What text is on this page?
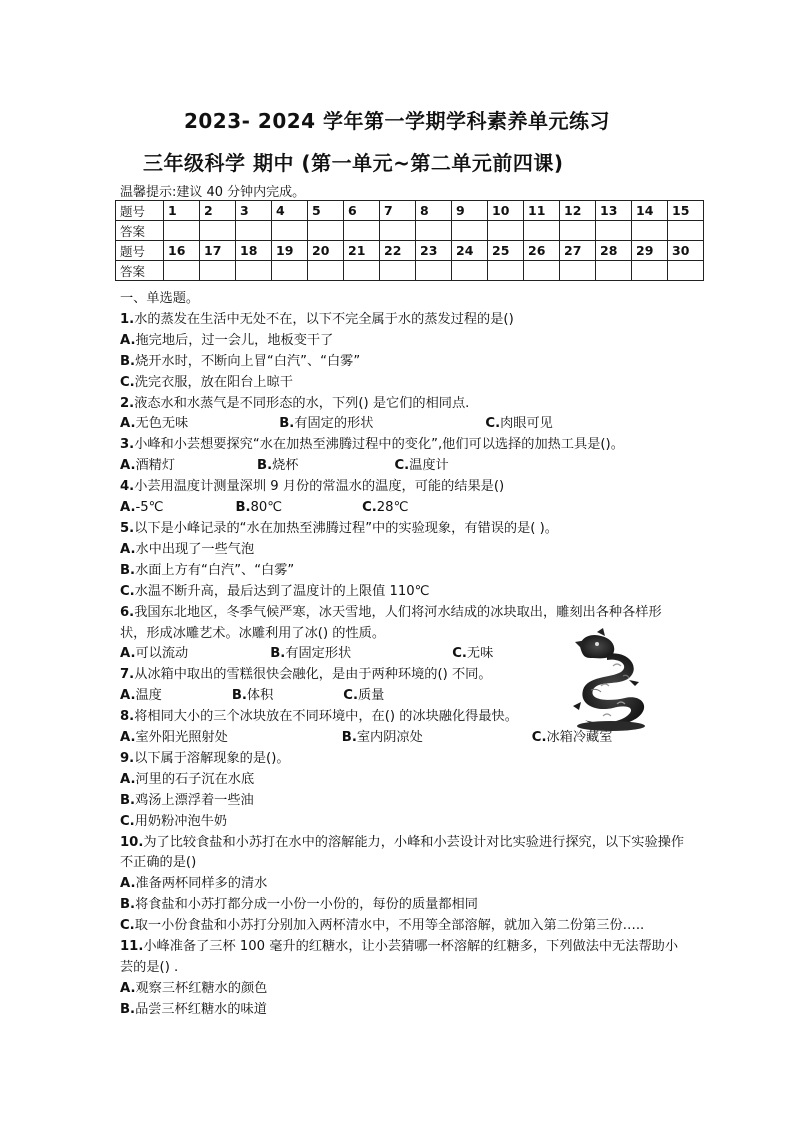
2023- 2024 学年第一学期学科素养单元练习
三年级科学 期中 (第一单元~第二单元前四课)
温馨提示:建议 40 分钟内完成。
题号	1	2	3	4	5	6	7	8	9	10	11	12	13	14	15
答案															
题号	16	17	18	19	20	21	22	23	24	25	26	27	28	29	30
答案															
一、单选题。
1.水的蒸发在生活中无处不在，以下不完全属于水的蒸发过程的是()
A.拖完地后，过一会儿，地板变干了
B.烧开水时，不断向上冒“白汽”、“白雾”
C.洗完衣服，放在阳台上晾干
2.液态水和水蒸气是不同形态的水，下列() 是它们的相同点.
A.无色无味	B.有固定的形状	C.肉眼可见
3.小峰和小芸想要探究“水在加热至沸腾过程中的变化”,他们可以选择的加热工具是()。
A.酒精灯	B.烧杯	C.温度计
4.小芸用温度计测量深圳 9 月份的常温水的温度，可能的结果是()
A.-5℃	B.80℃	C.28℃
5.以下是小峰记录的“水在加热至沸腾过程”中的实验现象，有错误的是( )。
A.水中出现了一些气泡
B.水面上方有“白汽”、“白雾”
C.水温不断升高，最后达到了温度计的上限值 110℃
6.我国东北地区，冬季气候严寒，冰天雪地，人们将河水结成的冰块取出，雕刻出各种各样形状，形成冰雕艺术。冰雕利用了冰() 的性质。
A.可以流动	B.有固定形状	C.无味
7.从冰箱中取出的雪糕很快会融化，是由于两种环境的() 不同。
A.温度	B.体积	C.质量
8.将相同大小的三个冰块放在不同环境中，在() 的冰块融化得最快。
A.室外阳光照射处	B.室内阴凉处	C.冰箱冷藏室
9.以下属于溶解现象的是()。
A.河里的石子沉在水底
B.鸡汤上漂浮着一些油
C.用奶粉冲泡牛奶
10.为了比较食盐和小苏打在水中的溶解能力，小峰和小芸设计对比实验进行探究，以下实验操作不正确的是()
A.准备两杯同样多的清水
B.将食盐和小苏打都分成一小份一小份的，每份的质量都相同
C.取一小份食盐和小苏打分别加入两杯清水中，不用等全部溶解，就加入第二份第三份…..
11.小峰准备了三杯 100 毫升的红糖水，让小芸猜哪一杯溶解的红糖多，下列做法中无法帮助小芸的是() .
A.观察三杯红糖水的颜色
B.品尝三杯红糖水的味道
